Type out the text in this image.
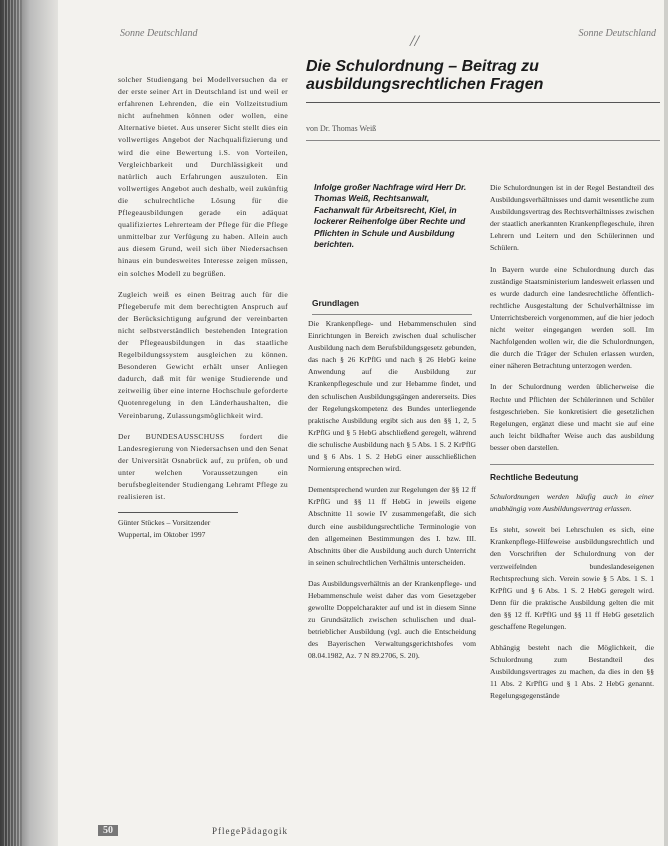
Sonne Deutschland	Sonne Deutschland
//
Die Schulordnung – Beitrag zu ausbildungsrechtlichen Fragen
von Dr. Thomas Weiß

solcher Studiengang bei Modellversuchen da er der erste seiner Art in Deutschland ist und weil er erfahrenen Lehrenden, die ein Vollzeitstudium nicht aufnehmen können oder wollen, eine Alternative bietet. Aus unserer Sicht stellt dies ein vollwertiges Angebot der Nachqualifizierung und wird die eine Bewertung i.S. von Vorteilen, Vergleichbarkeit und Durchlässigkeit und natürlich auch Erfahrungen auszuloten. Ein vollwertiges Angebot auch deshalb, weil zukünftig die schulrechtliche Lösung für die Pflegeausbildungen gerade ein adäquat qualifiziertes Lehrerteam der Pflege für die Pflege unmittelbar zur Verfügung zu haben. Allein auch aus diesem Grund, weil sich über Niedersachsen hinaus ein bundesweites Interesse zeigen müssen, ein solches Modell zu begrüßen.

Zugleich weiß es einen Beitrag auch für die Pflegeberufe mit dem berechtigten Anspruch auf der Berücksichtigung aufgrund der vereinbarten nicht selbstverständlich bestehenden Integration der Pflegeausbildungen in das staatliche Regelbildungssystem ausgleichen zu können. Besonderen Gewicht erhält unser Anliegen dadurch, daß mit für wenige Studierende und zeitweilig über eine interne Hochschule geforderte Quotenregelung in den Länderhaushalten, die Vereinbarung, Zulassungsmöglichkeit wird.

Der BUNDESAUSSCHUSS fordert die Landesregierung von Niedersachsen und den Senat der Universität Osnabrück auf, zu prüfen, ob und unter welchen Voraussetzungen ein berufsbegleitender Studiengang Lehramt Pflege zu realisieren ist.

Günter Stückes – Vorsitzender
Wuppertal, im Oktober 1997
Infolge großer Nachfrage wird Herr Dr. Thomas Weiß, Rechtsanwalt, Fachanwalt für Arbeitsrecht, Kiel, in lockerer Reihenfolge über Rechte und Pflichten in Schule und Ausbildung berichten.
Grundlagen

Die Krankenpflege- und Hebammenschulen sind Einrichtungen in Bereich zwischen dual schulischer Ausbildung nach dem Berufsbildungsgesetz gebunden, das nach § 26 KrPflG und nach § 26 HebG keine Anwendung auf die Ausbildung zur Krankenpflegeschule und zur Hebamme findet, und den schulischen Ausbildungsgängen andererseits. Dies der Regelungskompetenz des Bundes unterliegende praktische Ausbildung ergibt sich aus den §§ 1, 2, 5 KrPflG und § 5 HebG abschließend geregelt, während die schulische Ausbildung nach § 5 Abs. 1 S. 2 KrPflG und § 6 Abs. 1 S. 2 HebG einer ausschließlichen Normierung entsprechen wird.

Dementsprechend wurden zur Regelungen der §§ 12 ff KrPflG und §§ 11 ff HebG in jeweils eigene Abschnitte 11 sowie IV zusammengefaßt, die sich durch eine ausbildungsrechtliche Terminologie von den allgemeinen Bestimmungen des I. bzw. III. Abschnitts über die Ausbildung auch durch Unterricht in seinen schulrechtlichen Verhältnis unterscheiden.

Das Ausbildungsverhältnis an der Krankenpflege- und Hebammenschule weist daher das vom Gesetzgeber gewollte Doppelcharakter auf und ist in diesem Sinne zu Grundsätzlich zwischen schulischen und dual-betrieblicher Ausbildung (vgl. auch die Entscheidung des Bayerischen Verwaltungsgerichtshofes vom 08.04.1982, Az. 7 N 89.2706, S. 20).

Die Schulordnungen ist in der Regel Bestandteil des Ausbildungsverhältnisses und damit wesentliche zum Ausbildungsvertrag des Rechtsverhältnisses zwischen der staatlich anerkannten Krankenpflegeschule, ihren Lehrern und Leitern und den Schülerinnen und Schülern.

In Bayern wurde eine Schulordnung durch das zuständige Staatsministerium landesweit erlassen und es wurde dadurch eine landesrechtliche öffentlich-rechtliche Ausgestaltung der Schulverhältnisse im Unterrichtsbereich vorgenommen, auf die hier jedoch nicht weiter eingegangen werden soll. Im Nachfolgenden wollen wir, die die Schulordnungen, die durch die Träger der Schulen erlassen wurden, einer näheren Betrachtung unterzogen werden.

In der Schulordnung werden üblicherweise die Rechte und Pflichten der Schülerinnen und Schüler festgeschrieben. Sie konkretisiert die gesetzlichen Regelungen, ergänzt diese und macht sie auf eine auch leicht bildhafter Weise auch das ausbildung besser oben darstellen.

Rechtliche Bedeutung

Schulordnungen werden häufig auch in einer unabhängig vom Ausbildungsvertrag erlassen.

Es steht, soweit bei Lehrschulen es sich, eine Krankenpflege-Hilfeweise ausbildungsrechtlich und den Vorschriften der Schulordnung von der verzweifelnden bundeslandeseigenen Rechtsprechung sich. Verein sowie § 5 Abs. 1 S. 1 KrPflG und § 6 Abs. 1 S. 2 HebG geregelt wird. Denn für die praktische Ausbildung gelten die mit den §§ 12 ff. KrPflG und §§ 11 ff HebG gesetzlich geschaffene Regelungen.

Abhängig besteht nach die Möglichkeit, die Schulordnung zum Bestandteil des Ausbildungsvertrages zu machen, da dies in den §§ 11 Abs. 2 KrPflG und § 1 Abs. 2 HebG genannt. Regelungsgegenstände

50	PflegePädagogik
